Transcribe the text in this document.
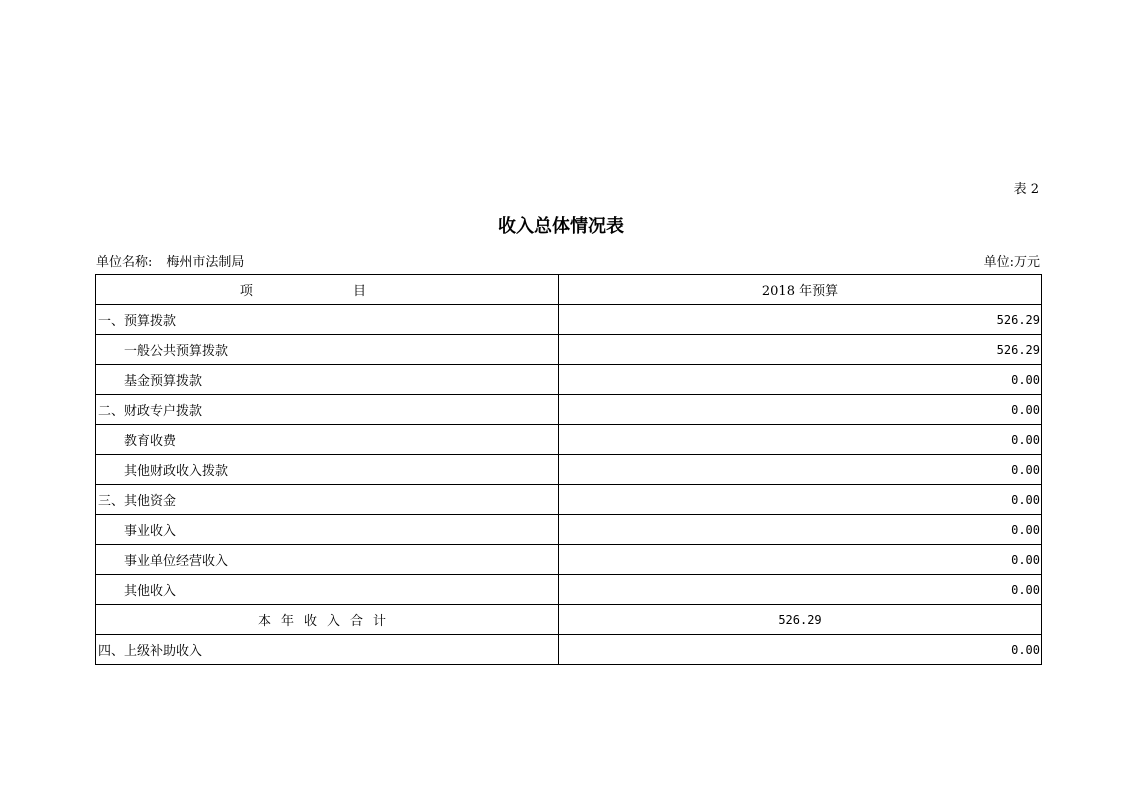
表 2
收入总体情况表
单位名称: 梅州市法制局	单位:万元
项 目	2018 年预算
一、预算拨款	526.29
一般公共预算拨款	526.29
基金预算拨款	0.00
二、财政专户拨款	0.00
教育收费	0.00
其他财政收入拨款	0.00
三、其他资金	0.00
事业收入	0.00
事业单位经营收入	0.00
其他收入	0.00
本年收入合计	526.29
四、上级补助收入	0.00
